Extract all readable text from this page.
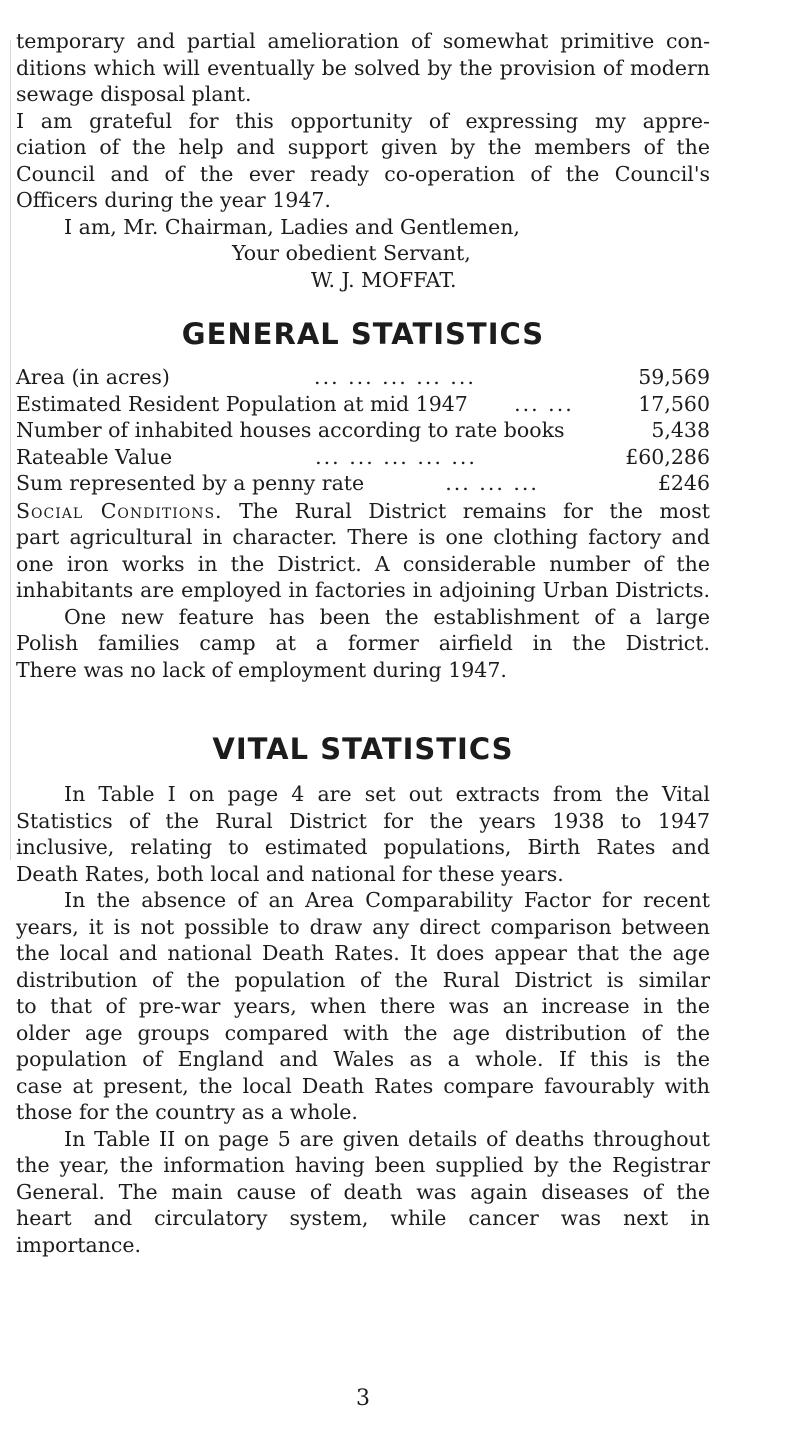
temporary and partial amelioration of somewhat primitive con-
ditions which will eventually be solved by the provision of modern
sewage disposal plant.
I am grateful for this opportunity of expressing my appre-
ciation of the help and support given by the members of the
Council and of the ever ready co-operation of the Council's
Officers during the year 1947.
I am, Mr. Chairman, Ladies and Gentlemen,
Your obedient Servant,
W. J. MOFFAT.
GENERAL STATISTICS
Area (in acres)	... ... ... ... ...	59,569
Estimated Resident Population at mid 1947	... ...	17,560
Number of inhabited houses according to rate books	5,438
Rateable Value	... ... ... ... ...	£60,286
Sum represented by a penny rate	... ... ...	£246
Social Conditions. The Rural District remains for the most
part agricultural in character. There is one clothing factory and
one iron works in the District. A considerable number of the
inhabitants are employed in factories in adjoining Urban Districts.
One new feature has been the establishment of a large
Polish families camp at a former airfield in the District.
There was no lack of employment during 1947.
VITAL STATISTICS
In Table I on page 4 are set out extracts from the Vital
Statistics of the Rural District for the years 1938 to 1947
inclusive, relating to estimated populations, Birth Rates and
Death Rates, both local and national for these years.
In the absence of an Area Comparability Factor for recent
years, it is not possible to draw any direct comparison between
the local and national Death Rates. It does appear that the age
distribution of the population of the Rural District is similar
to that of pre-war years, when there was an increase in the
older age groups compared with the age distribution of the
population of England and Wales as a whole. If this is the
case at present, the local Death Rates compare favourably with
those for the country as a whole.
In Table II on page 5 are given details of deaths throughout
the year, the information having been supplied by the Registrar
General. The main cause of death was again diseases of the
heart and circulatory system, while cancer was next in importance.
3
